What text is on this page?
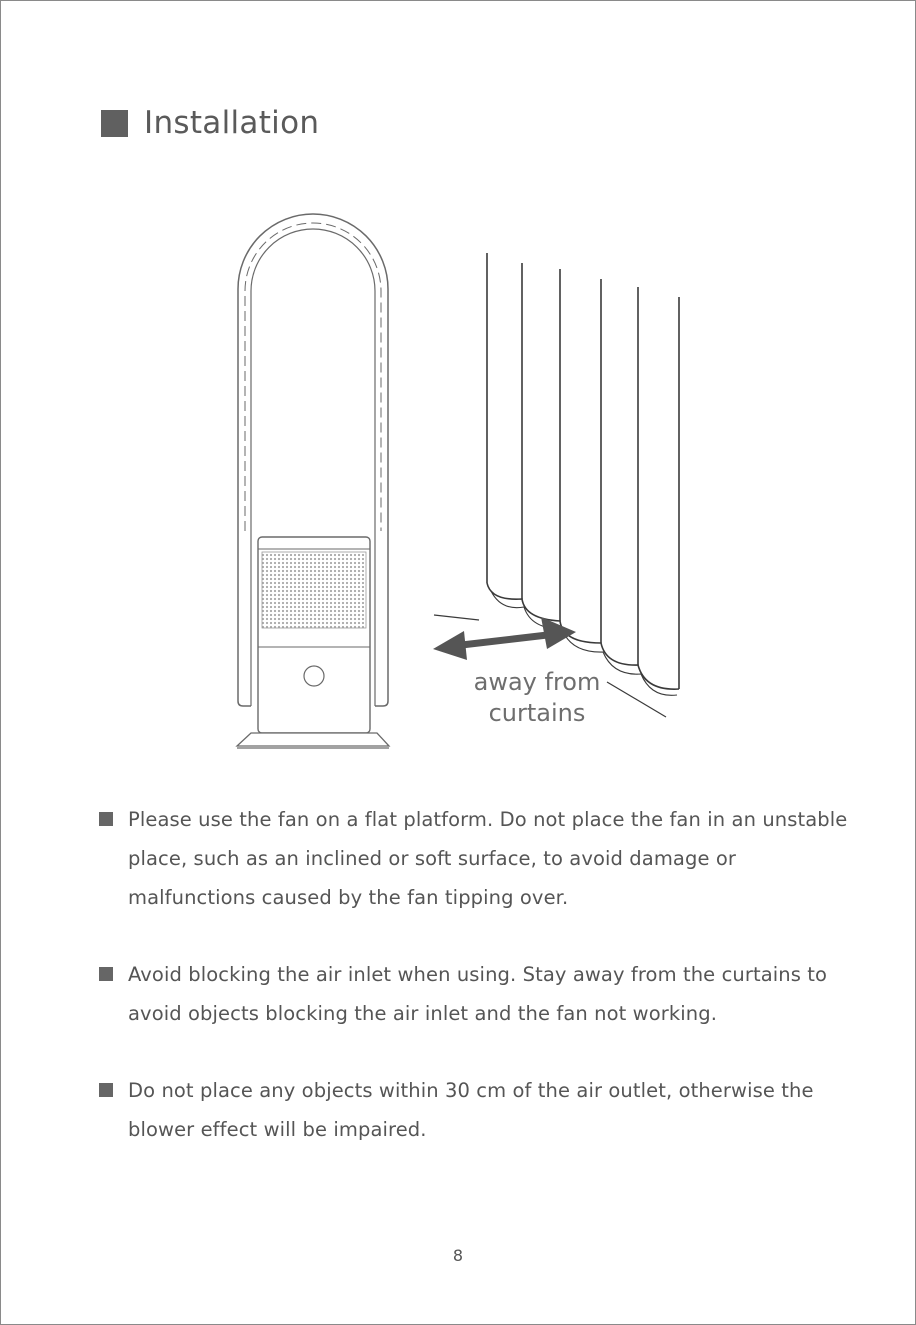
Installation
away from
curtains
Please use the fan on a flat platform. Do not place the fan in an unstable place, such as an inclined or soft surface, to avoid damage or malfunctions caused by the fan tipping over.
Avoid blocking the air inlet when using. Stay away from the curtains to avoid objects blocking the air inlet and the fan not working.
Do not place any objects within 30 cm of the air outlet, otherwise the blower effect will be impaired.
8
